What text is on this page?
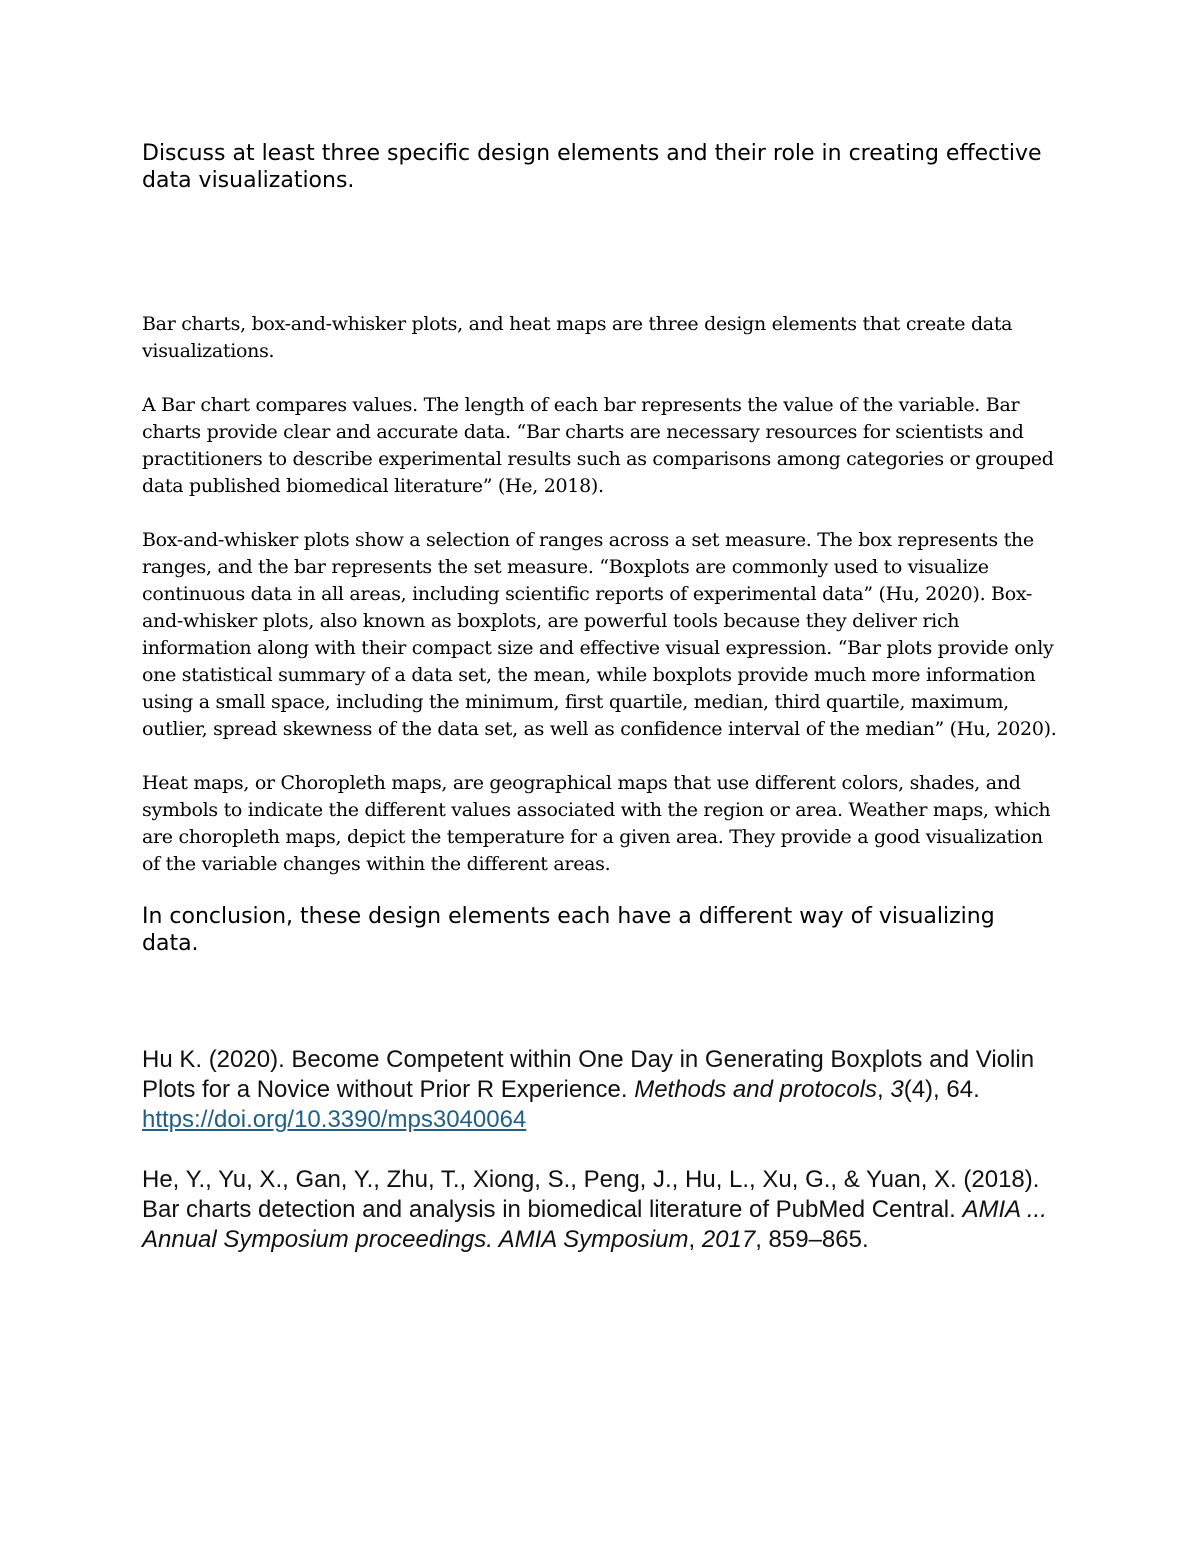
Discuss at least three specific design elements and their role in creating effective data visualizations.

Bar charts, box-and-whisker plots, and heat maps are three design elements that create data visualizations.

A Bar chart compares values. The length of each bar represents the value of the variable. Bar charts provide clear and accurate data. “Bar charts are necessary resources for scientists and practitioners to describe experimental results such as comparisons among categories or grouped data published biomedical literature” (He, 2018).

Box-and-whisker plots show a selection of ranges across a set measure. The box represents the ranges, and the bar represents the set measure. “Boxplots are commonly used to visualize continuous data in all areas, including scientific reports of experimental data” (Hu, 2020). Box-and-whisker plots, also known as boxplots, are powerful tools because they deliver rich information along with their compact size and effective visual expression. “Bar plots provide only one statistical summary of a data set, the mean, while boxplots provide much more information using a small space, including the minimum, first quartile, median, third quartile, maximum, outlier, spread skewness of the data set, as well as confidence interval of the median” (Hu, 2020).

Heat maps, or Choropleth maps, are geographical maps that use different colors, shades, and symbols to indicate the different values associated with the region or area. Weather maps, which are choropleth maps, depict the temperature for a given area. They provide a good visualization of the variable changes within the different areas.

In conclusion, these design elements each have a different way of visualizing data.

Hu K. (2020). Become Competent within One Day in Generating Boxplots and Violin Plots for a Novice without Prior R Experience. Methods and protocols, 3(4), 64. https://doi.org/10.3390/mps3040064

He, Y., Yu, X., Gan, Y., Zhu, T., Xiong, S., Peng, J., Hu, L., Xu, G., & Yuan, X. (2018). Bar charts detection and analysis in biomedical literature of PubMed Central. AMIA ... Annual Symposium proceedings. AMIA Symposium, 2017, 859–865.
